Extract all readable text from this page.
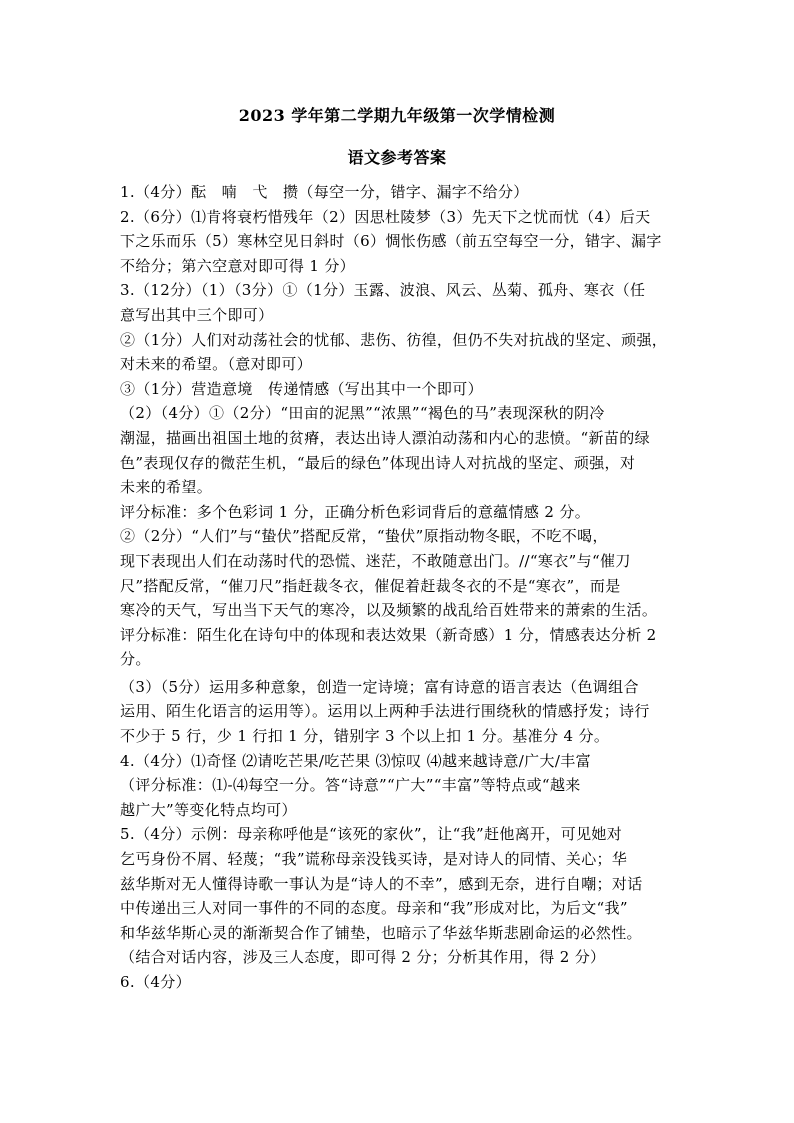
2023 学年第二学期九年级第一次学情检测
语文参考答案

1.（4分）酝　喃　弋　攒（每空一分，错字、漏字不给分）

2.（6分）⑴肯将衰朽惜残年（2）因思杜陵梦（3）先天下之忧而忧（4）后天

下之乐而乐（5）寒林空见日斜时（6）惆怅伤感（前五空每空一分，错字、漏字

不给分；第六空意对即可得 1 分）

3.（12分）（1）（3分）①（1分）玉露、波浪、风云、丛菊、孤舟、寒衣（任

意写出其中三个即可）

②（1分）人们对动荡社会的忧郁、悲伤、彷徨，但仍不失对抗战的坚定、顽强，

对未来的希望。（意对即可）

③（1分）营造意境　传递情感（写出其中一个即可）

（2）（4分）①（2分）“田亩的泥黑”“浓黑”“褐色的马”表现深秋的阴冷

潮湿，描画出祖国土地的贫瘠，表达出诗人漂泊动荡和内心的悲愤。“新苗的绿

色”表现仅存的微茫生机，“最后的绿色”体现出诗人对抗战的坚定、顽强，对

未来的希望。

评分标准：多个色彩词 1 分，正确分析色彩词背后的意蕴情感 2 分。

②（2分）“人们”与“蛰伏”搭配反常，“蛰伏”原指动物冬眠，不吃不喝，

现下表现出人们在动荡时代的恐慌、迷茫，不敢随意出门。//“寒衣”与“催刀

尺”搭配反常，“催刀尺”指赶裁冬衣，催促着赶裁冬衣的不是“寒衣”，而是

寒冷的天气，写出当下天气的寒冷，以及频繁的战乱给百姓带来的萧索的生活。

评分标准：陌生化在诗句中的体现和表达效果（新奇感）1 分，情感表达分析 2

分。

（3）（5分）运用多种意象，创造一定诗境；富有诗意的语言表达（色调组合

运用、陌生化语言的运用等）。运用以上两种手法进行围绕秋的情感抒发；诗行

不少于 5 行，少 1 行扣 1 分，错别字 3 个以上扣 1 分。基准分 4 分。

4.（4分）⑴奇怪 ⑵请吃芒果/吃芒果 ⑶惊叹 ⑷越来越诗意/广大/丰富

（评分标准：⑴-⑷每空一分。答“诗意”“广大”“丰富”等特点或“越来

越广大”等变化特点均可）

5.（4分）示例：母亲称呼他是“该死的家伙”，让“我”赶他离开，可见她对

乞丐身份不屑、轻蔑；“我”谎称母亲没钱买诗，是对诗人的同情、关心；华

兹华斯对无人懂得诗歌一事认为是“诗人的不幸”，感到无奈，进行自嘲；对话

中传递出三人对同一事件的不同的态度。母亲和“我”形成对比，为后文“我”

和华兹华斯心灵的渐渐契合作了铺垫，也暗示了华兹华斯悲剧命运的必然性。

（结合对话内容，涉及三人态度，即可得 2 分；分析其作用，得 2 分）

6.（4分）
